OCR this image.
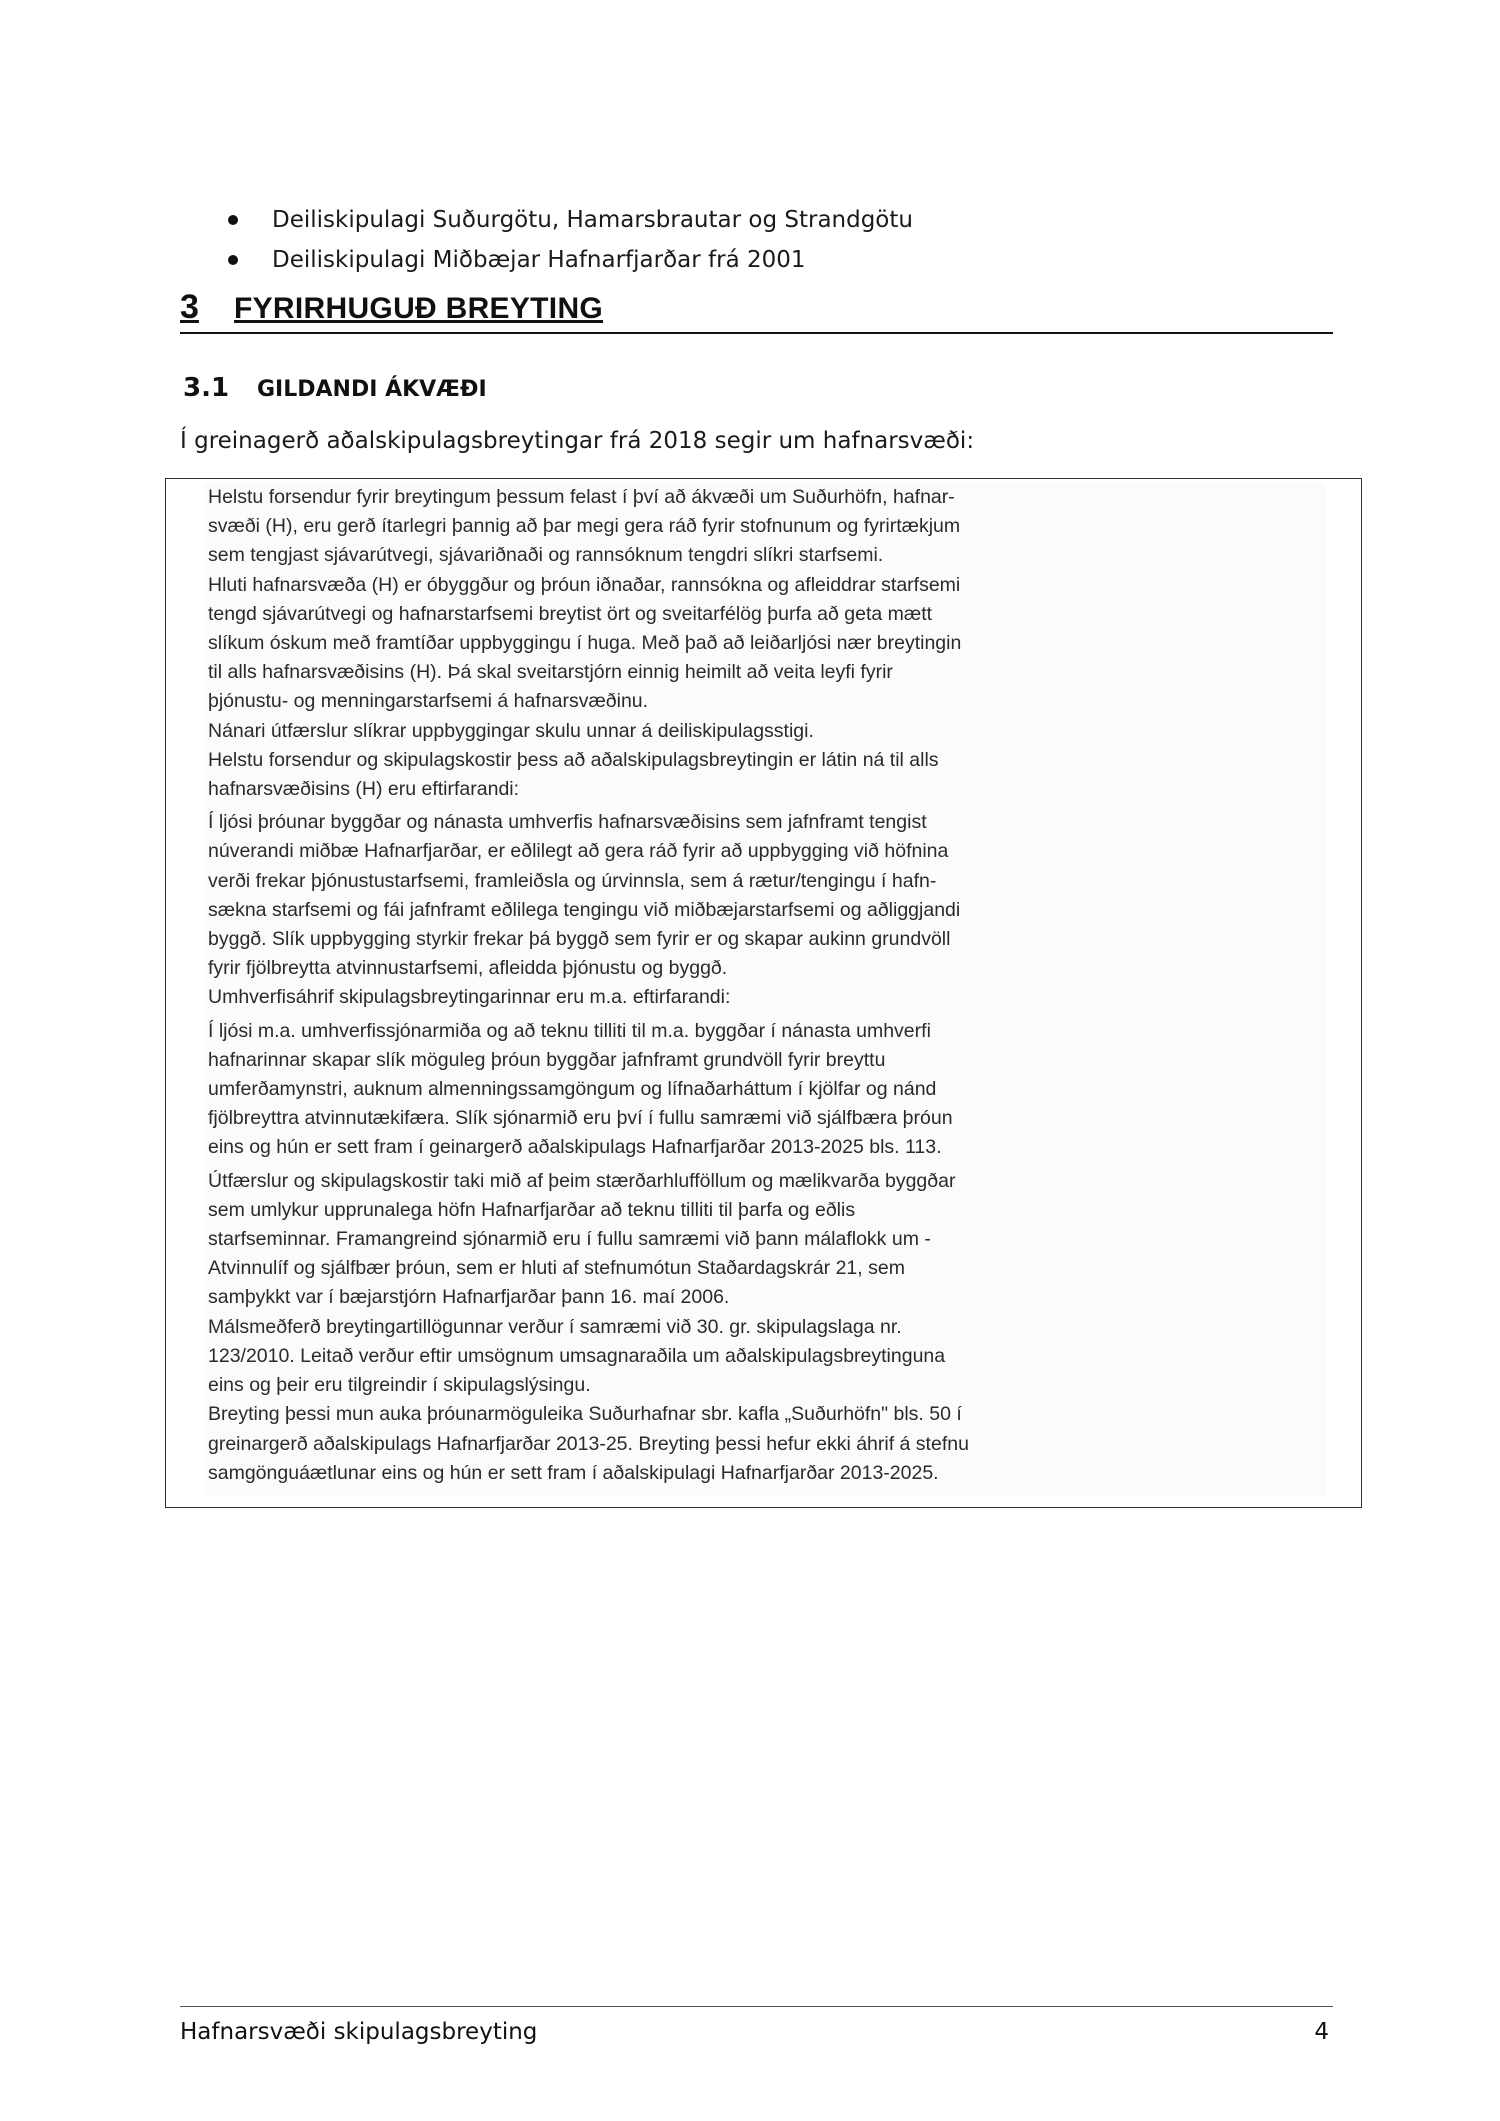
Deiliskipulagi Suðurgötu, Hamarsbrautar og Strandgötu
Deiliskipulagi Miðbæjar Hafnarfjarðar frá 2001
3 FYRIRHUGUÐ BREYTING
3.1 GILDANDI ÁKVÆÐI
Í greinagerð aðalskipulagsbreytingar frá 2018 segir um hafnarsvæði:

Helstu forsendur fyrir breytingum þessum felast í því að ákvæði um Suðurhöfn, hafnar-

svæði (H), eru gerð ítarlegri þannig að þar megi gera ráð fyrir stofnunum og fyrirtækjum

sem tengjast sjávarútvegi, sjávariðnaði og rannsóknum tengdri slíkri starfsemi.

Hluti hafnarsvæða (H) er óbyggður og þróun iðnaðar, rannsókna og afleiddrar starfsemi

tengd sjávarútvegi og hafnarstarfsemi breytist ört og sveitarfélög þurfa að geta mætt

slíkum óskum með framtíðar uppbyggingu í huga. Með það að leiðarljósi nær breytingin

til alls hafnarsvæðisins (H). Þá skal sveitarstjórn einnig heimilt að veita leyfi fyrir

þjónustu- og menningarstarfsemi á hafnarsvæðinu.

Nánari útfærslur slíkrar uppbyggingar skulu unnar á deiliskipulagsstigi.

Helstu forsendur og skipulagskostir þess að aðalskipulagsbreytingin er látin ná til alls

hafnarsvæðisins (H) eru eftirfarandi:

Í ljósi þróunar byggðar og nánasta umhverfis hafnarsvæðisins sem jafnframt tengist

núverandi miðbæ Hafnarfjarðar, er eðlilegt að gera ráð fyrir að uppbygging við höfnina

verði frekar þjónustustarfsemi, framleiðsla og úrvinnsla, sem á rætur/tengingu í hafn-

sækna starfsemi og fái jafnframt eðlilega tengingu við miðbæjarstarfsemi og aðliggjandi

byggð. Slík uppbygging styrkir frekar þá byggð sem fyrir er og skapar aukinn grundvöll

fyrir fjölbreytta atvinnustarfsemi, afleidda þjónustu og byggð.

Umhverfisáhrif skipulagsbreytingarinnar eru m.a. eftirfarandi:

Í ljósi m.a. umhverfissjónarmiða og að teknu tilliti til m.a. byggðar í nánasta umhverfi

hafnarinnar skapar slík möguleg þróun byggðar jafnframt grundvöll fyrir breyttu

umferðamynstri, auknum almenningssamgöngum og lífnaðarháttum í kjölfar og nánd

fjölbreyttra atvinnutækifæra. Slík sjónarmið eru því í fullu samræmi við sjálfbæra þróun

eins og hún er sett fram í geinargerð aðalskipulags Hafnarfjarðar 2013-2025 bls. 113.

Útfærslur og skipulagskostir taki mið af þeim stærðarhlufföllum og mælikvarða byggðar

sem umlykur upprunalega höfn Hafnarfjarðar að teknu tilliti til þarfa og eðlis

starfseminnar. Framangreind sjónarmið eru í fullu samræmi við þann málaflokk um -

Atvinnulíf og sjálfbær þróun, sem er hluti af stefnumótun Staðardagskrár 21, sem

samþykkt var í bæjarstjórn Hafnarfjarðar þann 16. maí 2006.

Málsmeðferð breytingartillögunnar verður í samræmi við 30. gr. skipulagslaga nr.

123/2010. Leitað verður eftir umsögnum umsagnaraðila um aðalskipulagsbreytinguna

eins og þeir eru tilgreindir í skipulagslýsingu.

Breyting þessi mun auka þróunarmöguleika Suðurhafnar sbr. kafla „Suðurhöfn" bls. 50 í

greinargerð aðalskipulags Hafnarfjarðar 2013-25. Breyting þessi hefur ekki áhrif á stefnu

samgönguáætlunar eins og hún er sett fram í aðalskipulagi Hafnarfjarðar 2013-2025.

Hafnarsvæði skipulagsbreyting	4
